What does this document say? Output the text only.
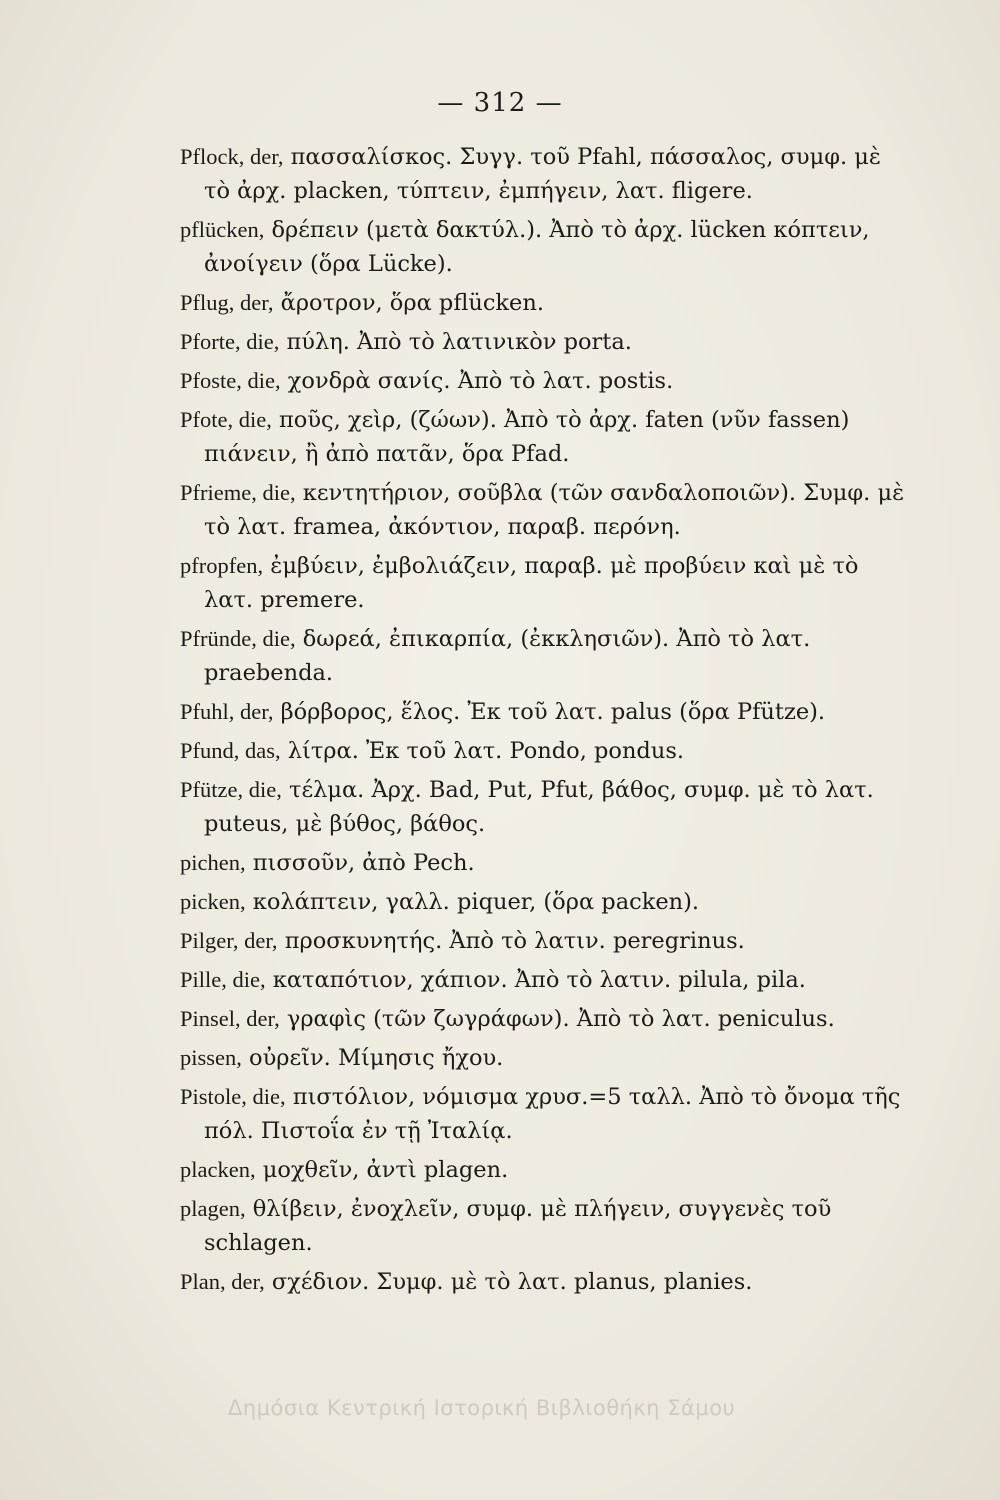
— 312 —
Pflock, der, πασσαλίσκος. Συγγ. τοῦ Pfahl, πάσσαλος, συμφ. μὲ τὸ ἀρχ. placken, τύπτειν, ἐμπήγειν, λατ. fligere.
pflücken, δρέπειν (μετὰ δακτύλ.). Ἀπὸ τὸ ἀρχ. lücken κόπτειν, ἀνοίγειν (ὅρα Lücke).
Pflug, der, ἄροτρον, ὅρα pflücken.
Pforte, die, πύλη. Ἀπὸ τὸ λατινικὸν porta.
Pfoste, die, χονδρὰ σανίς. Ἀπὸ τὸ λατ. postis.
Pfote, die, ποῦς, χεὶρ, (ζώων). Ἀπὸ τὸ ἀρχ. faten (νῦν fassen) πιάνειν, ἢ ἀπὸ πατᾶν, ὅρα Pfad.
Pfrieme, die, κεντητήριον, σοῦβλα (τῶν σανδαλοποιῶν). Συμφ. μὲ τὸ λατ. framea, ἀκόντιον, παραβ. περόνη.
pfropfen, ἐμβύειν, ἐμβολιάζειν, παραβ. μὲ προβύειν καὶ μὲ τὸ λατ. premere.
Pfründe, die, δωρεά, ἐπικαρπία, (ἐκκλησιῶν). Ἀπὸ τὸ λατ. praebenda.
Pfuhl, der, βόρβορος, ἕλος. Ἐκ τοῦ λατ. palus (ὅρα Pfütze).
Pfund, das, λίτρα. Ἐκ τοῦ λατ. Pondo, pondus.
Pfütze, die, τέλμα. Ἀρχ. Bad, Put, Pfut, βάθος, συμφ. μὲ τὸ λατ. puteus, μὲ βύθος, βάθος.
pichen, πισσοῦν, ἀπὸ Pech.
picken, κολάπτειν, γαλλ. piquer, (ὅρα packen).
Pilger, der, προσκυνητής. Ἀπὸ τὸ λατιν. peregrinus.
Pille, die, καταπότιον, χάπιον. Ἀπὸ τὸ λατιν. pilula, pila.
Pinsel, der, γραφὶς (τῶν ζωγράφων). Ἀπὸ τὸ λατ. peniculus.
pissen, οὐρεῖν. Μίμησις ἤχου.
Pistole, die, πιστόλιον, νόμισμα χρυσ.=5 ταλλ. Ἀπὸ τὸ ὄνομα τῆς πόλ. Πιστοΐα ἐν τῇ Ἰταλίᾳ.
placken, μοχθεῖν, ἀντὶ plagen.
plagen, θλίβειν, ἐνοχλεῖν, συμφ. μὲ πλήγειν, συγγενὲς τοῦ schlagen.
Plan, der, σχέδιον. Συμφ. μὲ τὸ λατ. planus, planies.
Δημόσια Κεντρική Ιστορική Βιβλιοθήκη Σάμου
